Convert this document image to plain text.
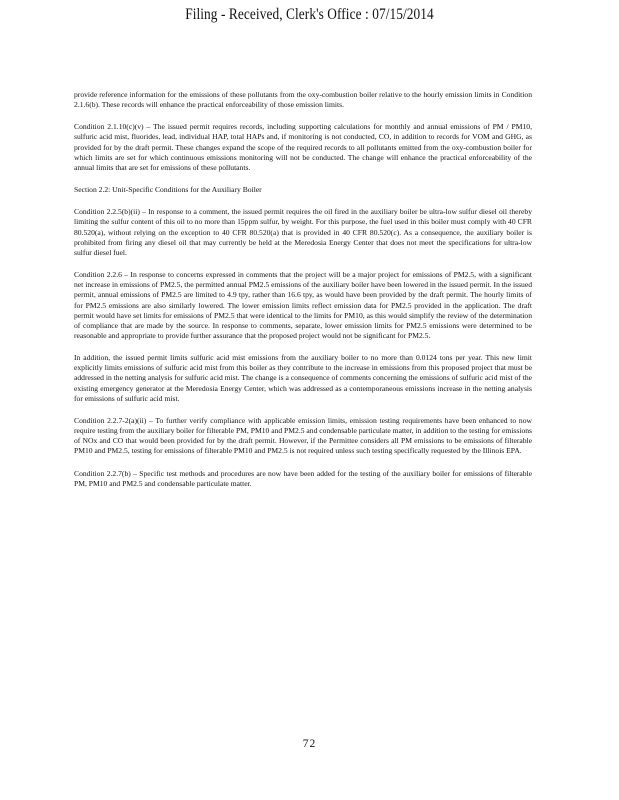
Filing - Received, Clerk's Office : 07/15/2014

provide reference information for the emissions of these pollutants from the oxy-combustion boiler relative to the hourly emission limits in Condition 2.1.6(b). These records will enhance the practical enforceability of those emission limits.

Condition 2.1.10(c)(v) – The issued permit requires records, including supporting calculations for monthly and annual emissions of PM / PM10, sulfuric acid mist, fluorides, lead, individual HAP, total HAPs and, if monitoring is not conducted, CO, in addition to records for VOM and GHG, as provided for by the draft permit. These changes expand the scope of the required records to all pollutants emitted from the oxy-combustion boiler for which limits are set for which continuous emissions monitoring will not be conducted. The change will enhance the practical enforceability of the annual limits that are set for emissions of these pollutants.

Section 2.2: Unit-Specific Conditions for the Auxiliary Boiler

Condition 2.2.5(b)(ii) – In response to a comment, the issued permit requires the oil fired in the auxiliary boiler be ultra-low sulfur diesel oil thereby limiting the sulfur content of this oil to no more than 15ppm sulfur, by weight. For this purpose, the fuel used in this boiler must comply with 40 CFR 80.520(a), without relying on the exception to 40 CFR 80.520(a) that is provided in 40 CFR 80.520(c). As a consequence, the auxiliary boiler is prohibited from firing any diesel oil that may currently be held at the Meredosia Energy Center that does not meet the specifications for ultra-low sulfur diesel fuel.

Condition 2.2.6 – In response to concerns expressed in comments that the project will be a major project for emissions of PM2.5, with a significant net increase in emissions of PM2.5, the permitted annual PM2.5 emissions of the auxiliary boiler have been lowered in the issued permit. In the issued permit, annual emissions of PM2.5 are limited to 4.9 tpy, rather than 16.6 tpy, as would have been provided by the draft permit. The hourly limits of for PM2.5 emissions are also similarly lowered. The lower emission limits reflect emission data for PM2.5 provided in the application. The draft permit would have set limits for emissions of PM2.5 that were identical to the limits for PM10, as this would simplify the review of the determination of compliance that are made by the source. In response to comments, separate, lower emission limits for PM2.5 emissions were determined to be reasonable and appropriate to provide further assurance that the proposed project would not be significant for PM2.5.

In addition, the issued permit limits sulfuric acid mist emissions from the auxiliary boiler to no more than 0.0124 tons per year. This new limit explicitly limits emissions of sulfuric acid mist from this boiler as they contribute to the increase in emissions from this proposed project that must be addressed in the netting analysis for sulfuric acid mist. The change is a consequence of comments concerning the emissions of sulfuric acid mist of the existing emergency generator at the Meredosia Energy Center, which was addressed as a contemporaneous emissions increase in the netting analysis for emissions of sulfuric acid mist.

Condition 2.2.7-2(a)(ii) – To further verify compliance with applicable emission limits, emission testing requirements have been enhanced to now require testing from the auxiliary boiler for filterable PM, PM10 and PM2.5 and condensable particulate matter, in addition to the testing for emissions of NOx and CO that would been provided for by the draft permit. However, if the Permittee considers all PM emissions to be emissions of filterable PM10 and PM2.5, testing for emissions of filterable PM10 and PM2.5 is not required unless such testing specifically requested by the Illinois EPA.

Condition 2.2.7(b) – Specific test methods and procedures are now have been added for the testing of the auxiliary boiler for emissions of filterable PM, PM10 and PM2.5 and condensable particulate matter.

72
